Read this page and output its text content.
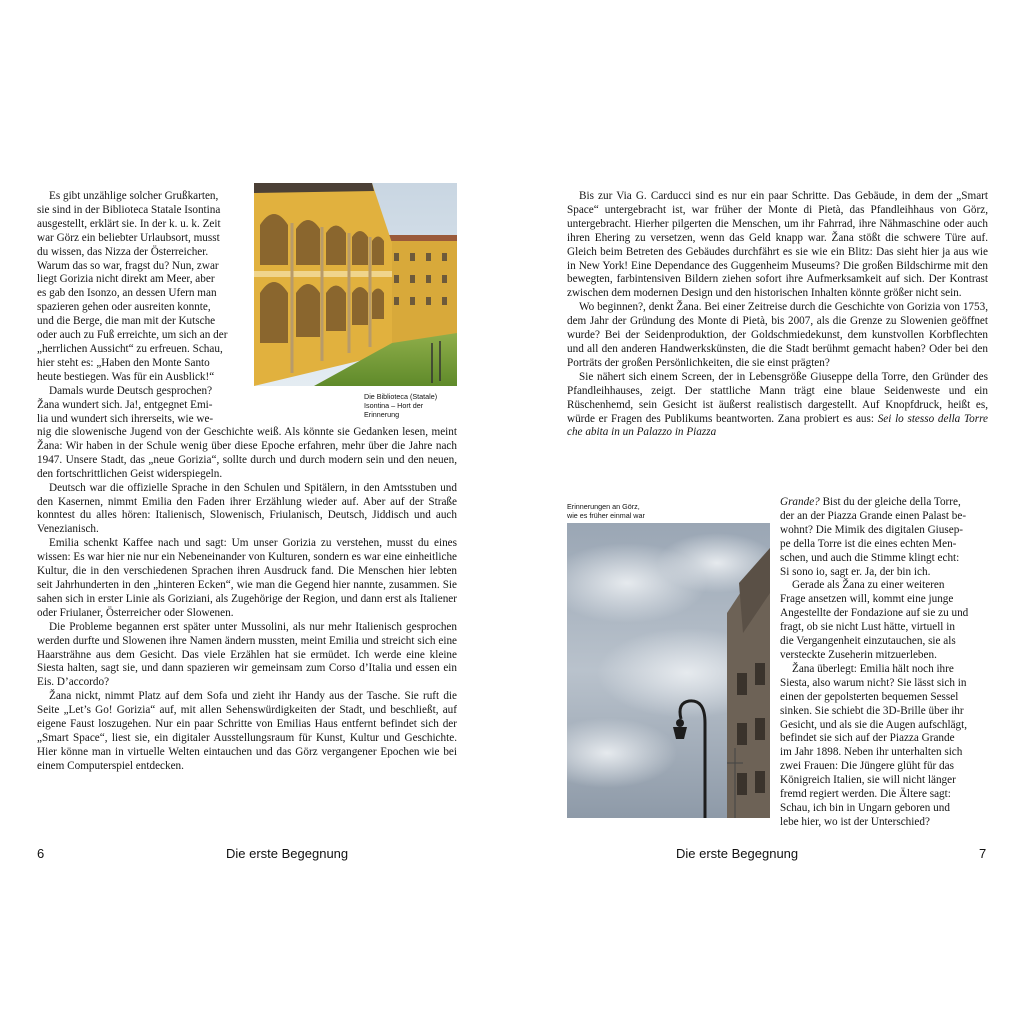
Es gibt unzählige solcher Grußkarten,

sie sind in der Biblioteca Statale Isontina

ausgestellt, erklärt sie. In der k. u. k. Zeit

war Görz ein beliebter Urlaubsort, musst

du wissen, das Nizza der Österreicher.

Warum das so war, fragst du? Nun, zwar

liegt Gorizia nicht direkt am Meer, aber

es gab den Isonzo, an dessen Ufern man

spazieren gehen oder ausreiten konnte,

und die Berge, die man mit der Kutsche

oder auch zu Fuß erreichte, um sich an der

„herrlichen Aussicht“ zu erfreuen. Schau,

hier steht es: „Haben den Monte Santo

heute bestiegen. Was für ein Ausblick!“

Damals wurde Deutsch gesprochen?

Žana wundert sich. Ja!, entgegnet Emi-

lia und wundert sich ihrerseits, wie we-

Die Biblioteca (Statale)
Isontina – Hort der
Erinnerung

nig die slowenische Jugend von der Geschichte weiß. Als könnte sie Gedanken lesen, meint Žana: Wir haben in der Schule wenig über diese Epoche erfahren, mehr über die Jahre nach 1947. Unsere Stadt, das „neue Gorizia“, sollte durch und durch modern sein und den neuen, den fortschrittlichen Geist widerspiegeln.

Deutsch war die offizielle Sprache in den Schulen und Spitälern, in den Amtsstuben und den Kasernen, nimmt Emilia den Faden ihrer Erzählung wieder auf. Aber auf der Straße konntest du alles hören: Italienisch, Slowenisch, Friulanisch, Deutsch, Jiddisch und auch Venezianisch.

Emilia schenkt Kaffee nach und sagt: Um unser Gorizia zu verstehen, musst du eines wissen: Es war hier nie nur ein Nebeneinander von Kulturen, sondern es war eine einheitliche Kultur, die in den verschiedenen Sprachen ihren Ausdruck fand. Die Menschen hier lebten seit Jahrhunderten in den „hinteren Ecken“, wie man die Gegend hier nannte, zusammen. Sie sahen sich in erster Linie als Goriziani, als Zugehörige der Region, und dann erst als Italiener oder Friulaner, Österreicher oder Slowenen.

Die Probleme begannen erst später unter Mussolini, als nur mehr Italienisch gesprochen werden durfte und Slowenen ihre Namen ändern mussten, meint Emilia und streicht sich eine Haarsträhne aus dem Gesicht. Das viele Erzählen hat sie ermüdet. Ich werde eine kleine Siesta halten, sagt sie, und dann spazieren wir gemeinsam zum Corso d’Italia und essen ein Eis. D’accordo?

Žana nickt, nimmt Platz auf dem Sofa und zieht ihr Handy aus der Tasche. Sie ruft die Seite „Let’s Go! Gorizia“ auf, mit allen Sehenswürdigkeiten der Stadt, und beschließt, auf eigene Faust loszugehen. Nur ein paar Schritte von Emilias Haus entfernt befindet sich der „Smart Space“, liest sie, ein digitaler Ausstellungsraum für Kunst, Kultur und Geschichte. Hier könne man in virtuelle Welten eintauchen und das Görz vergangener Epochen wie bei einem Computerspiel entdecken.

6	Die erste Begegnung

Bis zur Via G. Carducci sind es nur ein paar Schritte. Das Gebäude, in dem der „Smart Space“ untergebracht ist, war früher der Monte di Pietà, das Pfandleihhaus von Görz, untergebracht. Hierher pilgerten die Menschen, um ihr Fahrrad, ihre Nähmaschine oder auch ihren Ehering zu versetzen, wenn das Geld knapp war. Žana stößt die schwere Türe auf. Gleich beim Betreten des Gebäudes durchfährt es sie wie ein Blitz: Das sieht hier ja aus wie in New York! Eine Dependance des Guggenheim Museums? Die großen Bildschirme mit den bewegten, farbintensiven Bildern ziehen sofort ihre Aufmerksamkeit auf sich. Der Kontrast zwischen dem modernen Design und den historischen Inhalten könnte größer nicht sein.

Wo beginnen?, denkt Žana. Bei einer Zeitreise durch die Geschichte von Gorizia von 1753, dem Jahr der Gründung des Monte di Pietà, bis 2007, als die Grenze zu Slowenien geöffnet wurde? Bei der Seidenproduktion, der Goldschmiedekunst, dem kunstvollen Korbflechten und all den anderen Handwerkskünsten, die die Stadt berühmt gemacht haben? Oder bei den Porträts der großen Persönlichkeiten, die sie einst prägten?

Sie nähert sich einem Screen, der in Lebensgröße Giuseppe della Torre, den Gründer des Pfandleihhauses, zeigt. Der stattliche Mann trägt eine blaue Seidenweste und ein Rüschenhemd, sein Gesicht ist äußerst realistisch dargestellt. Auf Knopfdruck, heißt es, würde er Fragen des Publikums beantworten. Zana probiert es aus: Sei lo stesso della Torre che abita in un Palazzo in Piazza

Erinnerungen an Görz,
wie es früher einmal war

Grande? Bist du der gleiche della Torre,

der an der Piazza Grande einen Palast be-

wohnt? Die Mimik des digitalen Giusep-

pe della Torre ist die eines echten Men-

schen, und auch die Stimme klingt echt:

Si sono io, sagt er. Ja, der bin ich.

Gerade als Žana zu einer weiteren

Frage ansetzen will, kommt eine junge

Angestellte der Fondazione auf sie zu und

fragt, ob sie nicht Lust hätte, virtuell in

die Vergangenheit einzutauchen, sie als

versteckte Zuseherin mitzuerleben.

Žana überlegt: Emilia hält noch ihre

Siesta, also warum nicht? Sie lässt sich in

einen der gepolsterten bequemen Sessel

sinken. Sie schiebt die 3D-Brille über ihr

Gesicht, und als sie die Augen aufschlägt,

befindet sie sich auf der Piazza Grande

im Jahr 1898. Neben ihr unterhalten sich

zwei Frauen: Die Jüngere glüht für das

Königreich Italien, sie will nicht länger

fremd regiert werden. Die Ältere sagt:

Schau, ich bin in Ungarn geboren und

lebe hier, wo ist der Unterschied?

Die erste Begegnung	7
